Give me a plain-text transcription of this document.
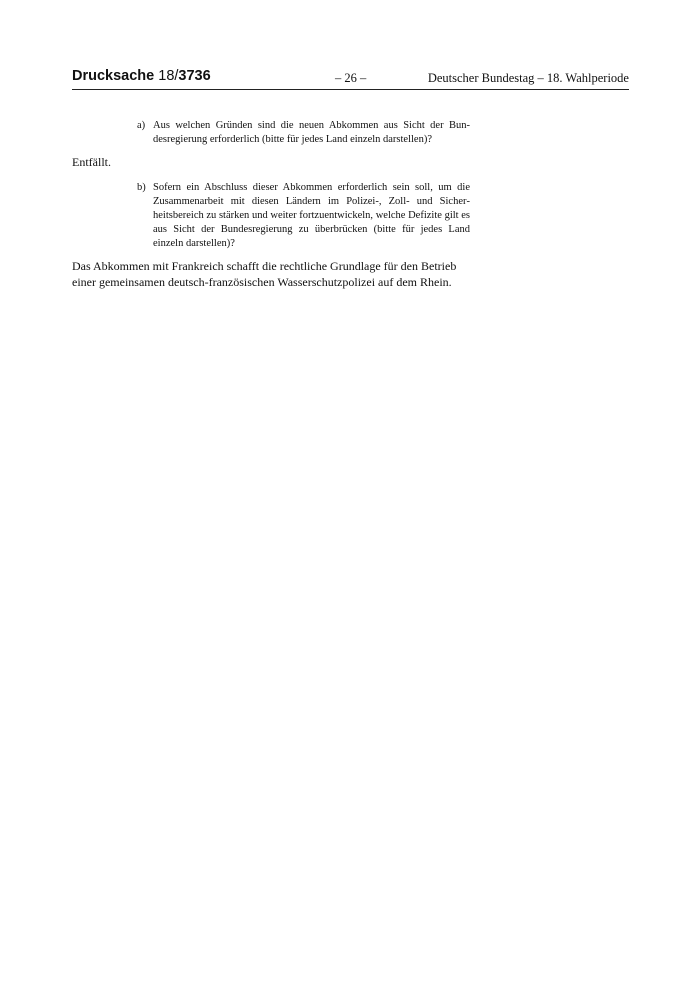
Drucksache 18/3736	– 26 –	Deutscher Bundestag – 18. Wahlperiode
a) Aus welchen Gründen sind die neuen Abkommen aus Sicht der Bundesregierung erforderlich (bitte für jedes Land einzeln darstellen)?
Entfällt.
b) Sofern ein Abschluss dieser Abkommen erforderlich sein soll, um die Zusammenarbeit mit diesen Ländern im Polizei-, Zoll- und Sicherheitsbereich zu stärken und weiter fortzuentwickeln, welche Defizite gilt es aus Sicht der Bundesregierung zu überbrücken (bitte für jedes Land einzeln darstellen)?
Das Abkommen mit Frankreich schafft die rechtliche Grundlage für den Betrieb einer gemeinsamen deutsch-französischen Wasserschutzpolizei auf dem Rhein.
